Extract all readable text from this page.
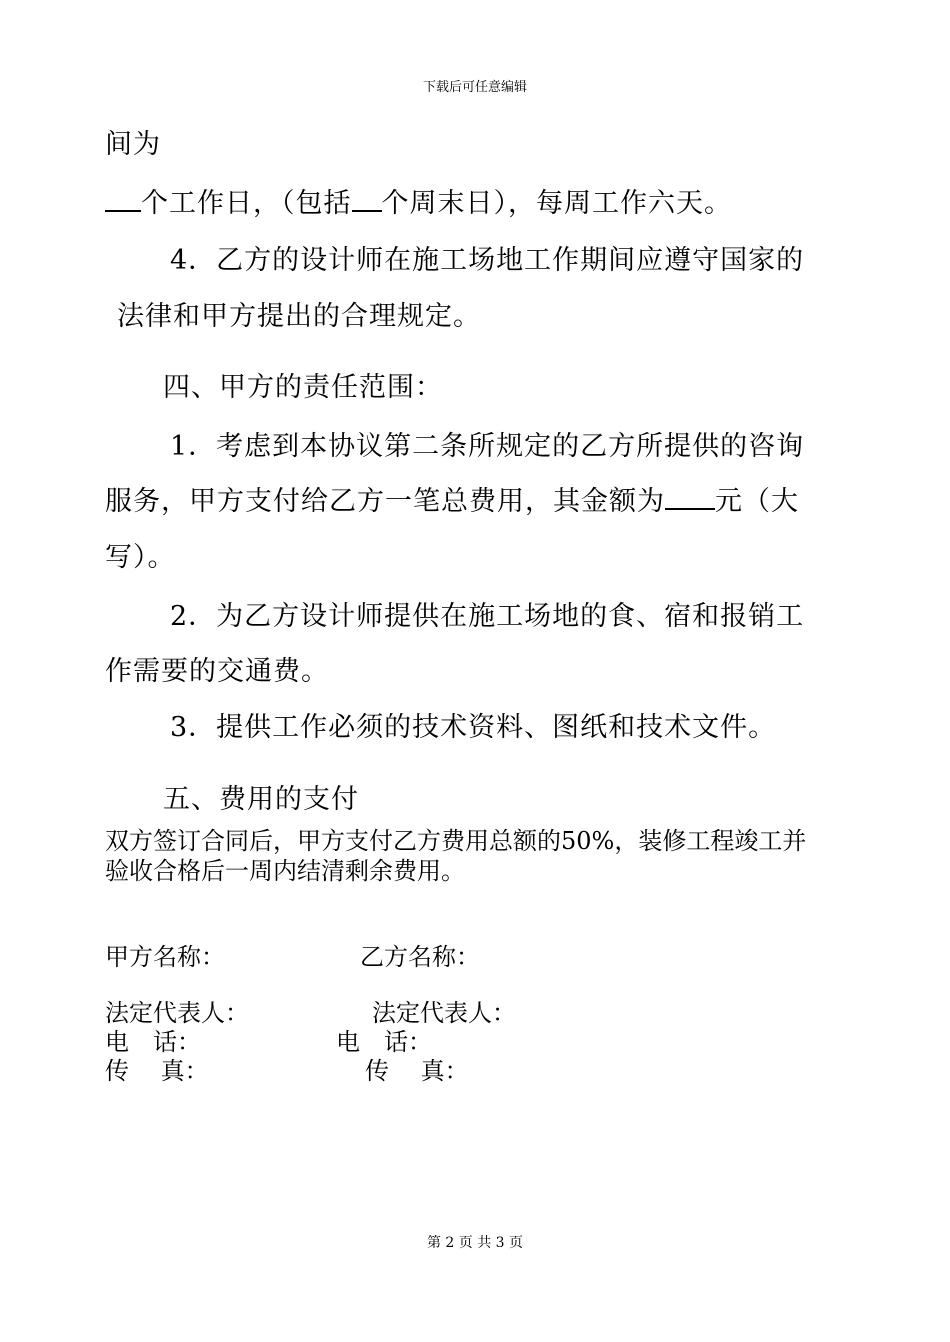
下载后可任意编辑
间为
个工作日，（包括 个周末日），每周工作六天。
4．乙方的设计师在施工场地工作期间应遵守国家的
法律和甲方提出的合理规定。
四、甲方的责任范围：
1．考虑到本协议第二条所规定的乙方所提供的咨询
服务，甲方支付给乙方一笔总费用，其金额为 元（大
写）。
2．为乙方设计师提供在施工场地的食、宿和报销工
作需要的交通费。
3．提供工作必须的技术资料、图纸和技术文件。
五、费用的支付
双方签订合同后，甲方支付乙方费用总额的50%，装修工程竣工并
验收合格后一周内结清剩余费用。
甲方名称：	乙方名称：
法定代表人：	法定代表人：
电　话：	电　话：
传　 真：	传　 真：
第 2 页 共 3 页
